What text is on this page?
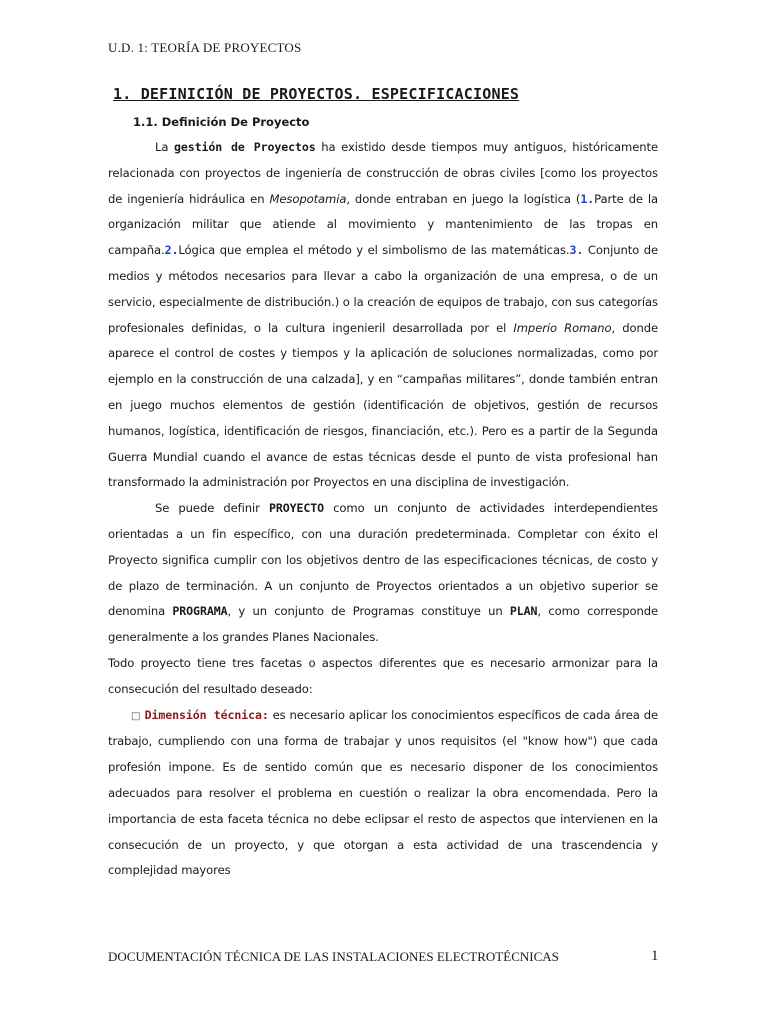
U.D. 1: TEORÍA DE PROYECTOS
1. DEFINICIÓN DE PROYECTOS. ESPECIFICACIONES
1.1. Definición De Proyecto

La gestión de Proyectos ha existido desde tiempos muy antiguos, históricamente relacionada con proyectos de ingeniería de construcción de obras civiles [como los proyectos de ingeniería hidráulica en Mesopotamia, donde entraban en juego la logística (1.Parte de la organización militar que atiende al movimiento y mantenimiento de las tropas en campaña.2.Lógica que emplea el método y el simbolismo de las matemáticas.3. Conjunto de medios y métodos necesarios para llevar a cabo la organización de una empresa, o de un servicio, especialmente de distribución.) o la creación de equipos de trabajo, con sus categorías profesionales definidas, o la cultura ingenieril desarrollada por el Imperio Romano, donde aparece el control de costes y tiempos y la aplicación de soluciones normalizadas, como por ejemplo en la construcción de una calzada], y en “campañas militares”, donde también entran en juego muchos elementos de gestión (identificación de objetivos, gestión de recursos humanos, logística, identificación de riesgos, financiación, etc.). Pero es a partir de la Segunda Guerra Mundial cuando el avance de estas técnicas desde el punto de vista profesional han transformado la administración por Proyectos en una disciplina de investigación.

Se puede definir PROYECTO como un conjunto de actividades interdependientes orientadas a un fin específico, con una duración predeterminada. Completar con éxito el Proyecto significa cumplir con los objetivos dentro de las especificaciones técnicas, de costo y de plazo de terminación. A un conjunto de Proyectos orientados a un objetivo superior se denomina PROGRAMA, y un conjunto de Programas constituye un PLAN, como corresponde generalmente a los grandes Planes Nacionales.

Todo proyecto tiene tres facetas o aspectos diferentes que es necesario armonizar para la consecución del resultado deseado:

□ Dimensión técnica: es necesario aplicar los conocimientos específicos de cada área de trabajo, cumpliendo con una forma de trabajar y unos requisitos (el "know how") que cada profesión impone. Es de sentido común que es necesario disponer de los conocimientos adecuados para resolver el problema en cuestión o realizar la obra encomendada. Pero la importancia de esta faceta técnica no debe eclipsar el resto de aspectos que intervienen en la consecución de un proyecto, y que otorgan a esta actividad de una trascendencia y complejidad mayores

DOCUMENTACIÓN TÉCNICA DE LAS INSTALACIONES ELECTROTÉCNICAS	1
